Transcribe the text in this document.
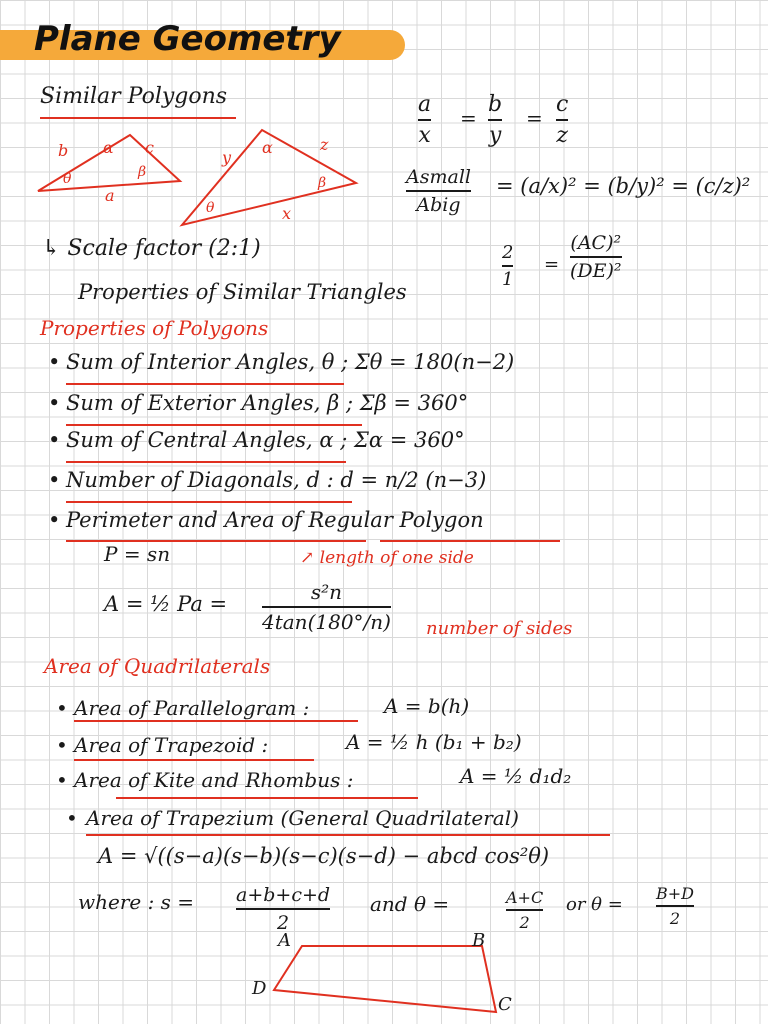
Plane Geometry
Similar Polygons
b	c
a
α
θ	β
y
z
x
α
θ
β
a
x
=
b
y
=
c
z
Asmall
Abig
= (a/x)² = (b/y)² = (c/z)²
↳ Scale factor (2:1)	2
1
=
(AC)²
(DE)²
Properties of Similar Triangles
Properties of Polygons
• Sum of Interior Angles, θ ; Σθ = 180(n−2)
• Sum of Exterior Angles, β ; Σβ = 360°
• Sum of Central Angles, α ; Σα = 360°
• Number of Diagonals, d : d = n/2 (n−3)
• Perimeter and Area of Regular Polygon
P = sn	↗ length of one side
A = ½ Pa =	s²n
4tan(180°/n) number of sides
Area of Quadrilaterals
• Area of Parallelogram :	A = b(h)
• Area of Trapezoid :	A = ½ h (b₁ + b₂)
• Area of Kite and Rhombus :	A = ½ d₁d₂
• Area of Trapezium (General Quadrilateral)
A = √((s−a)(s−b)(s−c)(s−d) − abcd cos²θ)
where : s = a+b+c+d
2
and θ =	A+C
2
or θ =
B+D
2
A	B
C
D
